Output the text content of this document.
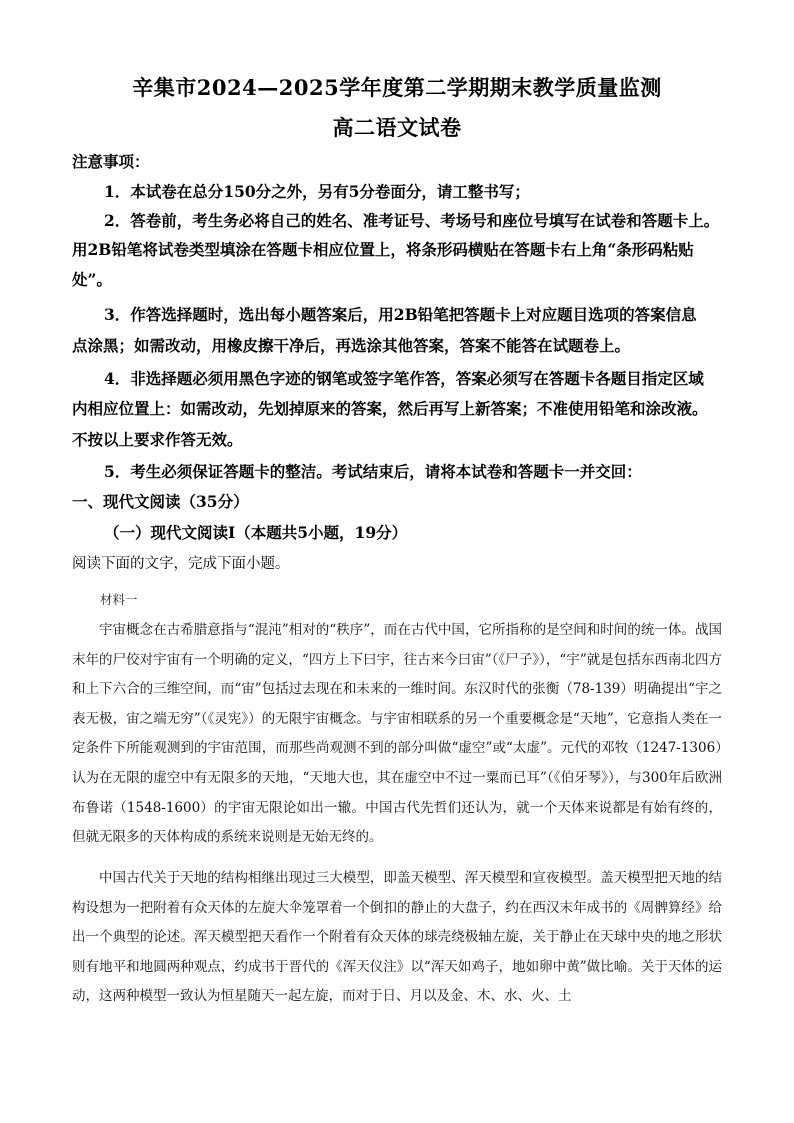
辛集市2024—2025学年度第二学期期末教学质量监测
高二语文试卷
注意事项：
1．本试卷在总分150分之外，另有5分卷面分，请工整书写；
2．答卷前，考生务必将自己的姓名、准考证号、考场号和座位号填写在试卷和答题卡上。
用2B铅笔将试卷类型填涂在答题卡相应位置上，将条形码横贴在答题卡右上角“条形码粘贴
处”。
3．作答选择题时，选出每小题答案后，用2B铅笔把答题卡上对应题目选项的答案信息
点涂黑；如需改动，用橡皮擦干净后，再选涂其他答案，答案不能答在试题卷上。
4．非选择题必须用黑色字迹的钢笔或签字笔作答，答案必须写在答题卡各题目指定区域
内相应位置上：如需改动，先划掉原来的答案，然后再写上新答案；不准使用铅笔和涂改液。
不按以上要求作答无效。
5．考生必须保证答题卡的整洁。考试结束后，请将本试卷和答题卡一并交回：
一、现代文阅读（35分）
（一）现代文阅读Ⅰ（本题共5小题，19分）
阅读下面的文字，完成下面小题。
材料一
宇宙概念在古希腊意指与“混沌”相对的“秩序”，而在古代中国，它所指称的是空间和时间的统一体。战国末年的尸佼对宇宙有一个明确的定义，“四方上下曰宇，往古来今曰宙”（《尸子》），“宇”就是包括东西南北四方和上下六合的三维空间，而“宙”包括过去现在和未来的一维时间。东汉时代的张衡（78-139）明确提出“宇之表无极，宙之端无穷”（《灵宪》）的无限宇宙概念。与宇宙相联系的另一个重要概念是“天地”，它意指人类在一定条件下所能观测到的宇宙范围，而那些尚观测不到的部分叫做“虚空”或“太虚”。元代的邓牧（1247-1306）认为在无限的虚空中有无限多的天地，“天地大也，其在虚空中不过一粟而已耳”（《伯牙琴》），与300年后欧洲布鲁诺（1548-1600）的宇宙无限论如出一辙。中国古代先哲们还认为，就一个天体来说都是有始有终的，但就无限多的天体构成的系统来说则是无始无终的。
中国古代关于天地的结构相继出现过三大模型，即盖天模型、浑天模型和宣夜模型。盖天模型把天地的结构设想为一把附着有众天体的左旋大伞笼罩着一个倒扣的静止的大盘子，约在西汉末年成书的《周髀算经》给出一个典型的论述。浑天模型把天看作一个附着有众天体的球壳绕极轴左旋，关于静止在天球中央的地之形状则有地平和地圆两种观点，约成书于晋代的《浑天仪注》以“浑天如鸡子，地如卵中黄”做比喻。关于天体的运动，这两种模型一致认为恒星随天一起左旋，而对于日、月以及金、木、水、火、土
